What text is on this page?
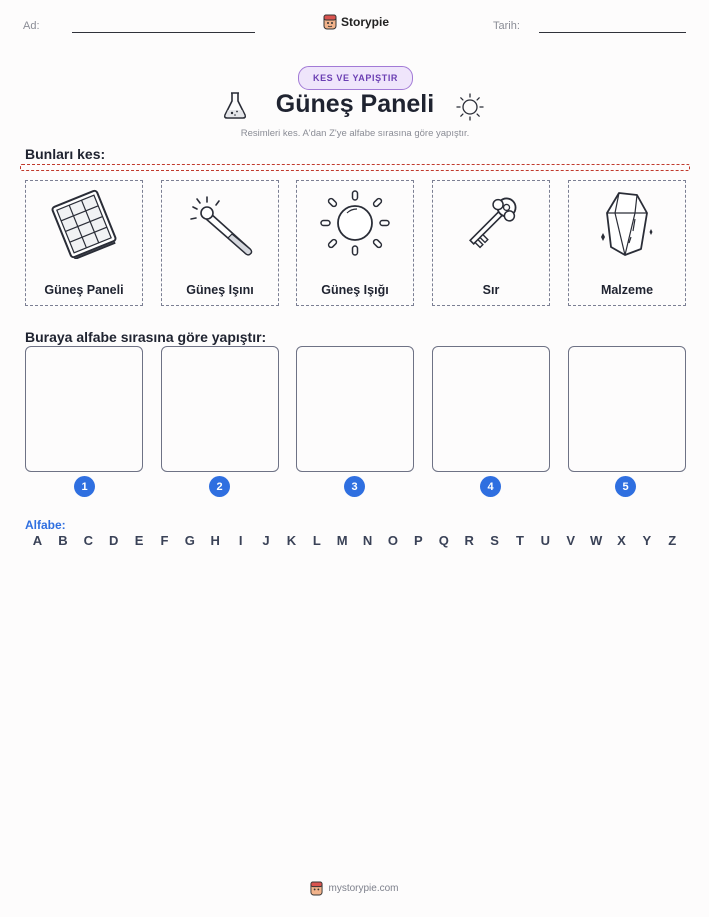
Ad:	Storypie	Tarih:
KES VE YAPIŞTIR
Güneş Paneli
Resimleri kes. A'dan Z'ye alfabe sırasına göre yapıştır.
Bunları kes:
Güneş Paneli	Güneş Işını	Güneş Işığı	Sır	Malzeme
Buraya alfabe sırasına göre yapıştır:
1	2	3	4	5
Alfabe:
A B C D E F G H	I	J K L M N O P Q R S T U V W X Y Z
mystorypie.com
